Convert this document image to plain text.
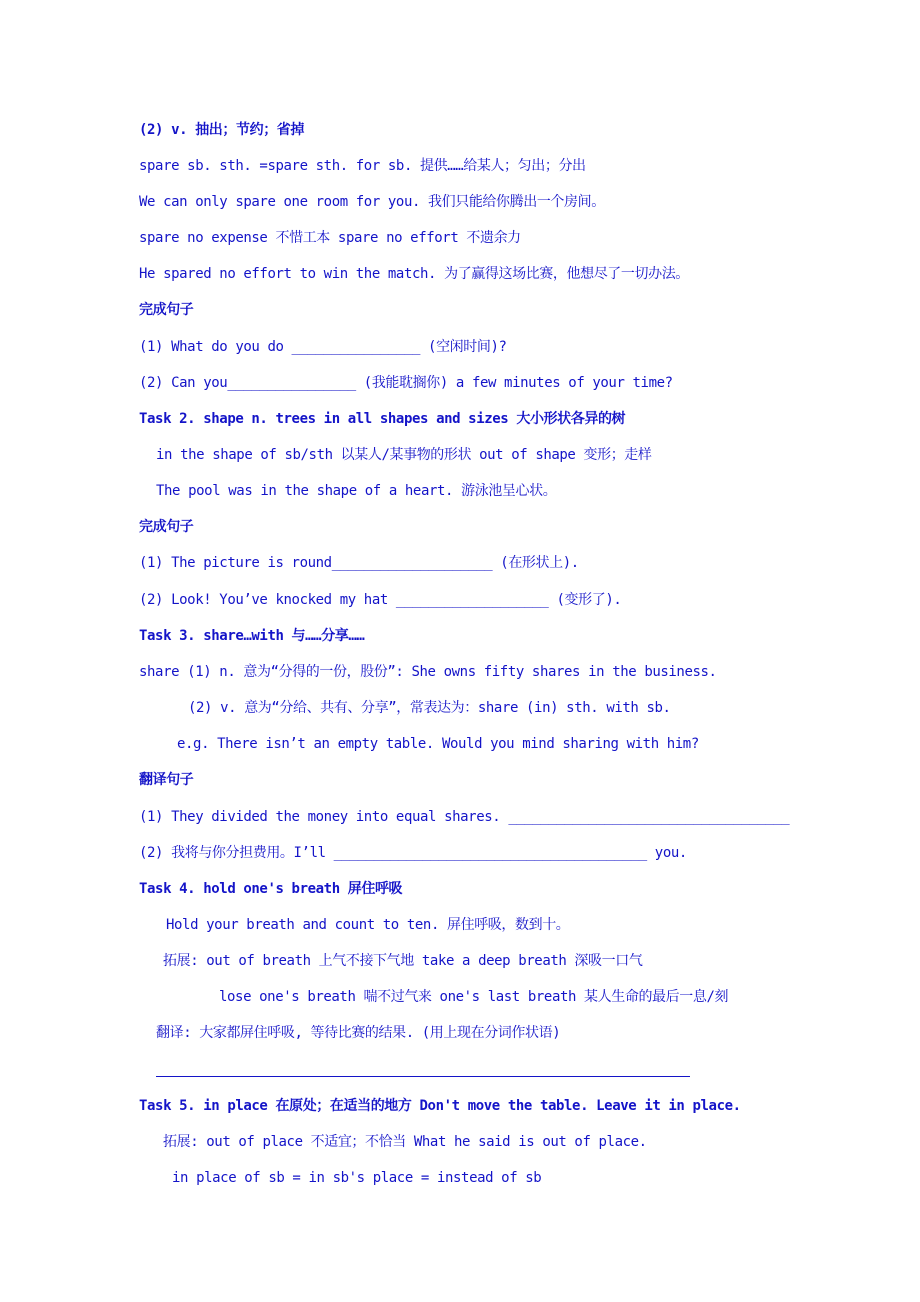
(2) v. 抽出；节约；省掉
spare sb. sth. =spare sth. for sb. 提供……给某人；匀出；分出
We can only spare one room for you. 我们只能给你腾出一个房间。
spare no expense 不惜工本 spare no effort 不遗余力
He spared no effort to win the match. 为了赢得这场比赛，他想尽了一切办法。
完成句子
(1) What do you do ________________ (空闲时间)?
(2) Can you________________ (我能耽搁你) a few minutes of your time?
Task 2. shape n. trees in all shapes and sizes 大小形状各异的树
in the shape of sb/sth 以某人/某事物的形状 out of shape 变形；走样
The pool was in the shape of a heart. 游泳池呈心状。
完成句子
(1) The picture is round____________________ (在形状上).
(2) Look! You’ve knocked my hat ___________________ (变形了).
Task 3. share…with 与……分享……
share (1) n. 意为“分得的一份，股份”: She owns fifty shares in the business.
(2) v. 意为“分给、共有、分享”，常表达为：share (in) sth. with sb.
e.g. There isn’t an empty table. Would you mind sharing with him?
翻译句子
(1) They divided the money into equal shares. ___________________________________
(2) 我将与你分担费用。I’ll _______________________________________ you.
Task 4. hold one's breath 屏住呼吸
Hold your breath and count to ten. 屏住呼吸，数到十。
拓展: out of breath 上气不接下气地 take a deep breath 深吸一口气
lose one's breath 喘不过气来 one's last breath 某人生命的最后一息/刻
翻译: 大家都屏住呼吸, 等待比赛的结果. (用上现在分词作状语)
Task 5. in place 在原处；在适当的地方 Don't move the table. Leave it in place.
拓展: out of place 不适宜；不恰当 What he said is out of place.
in place of sb = in sb's place = instead of sb
